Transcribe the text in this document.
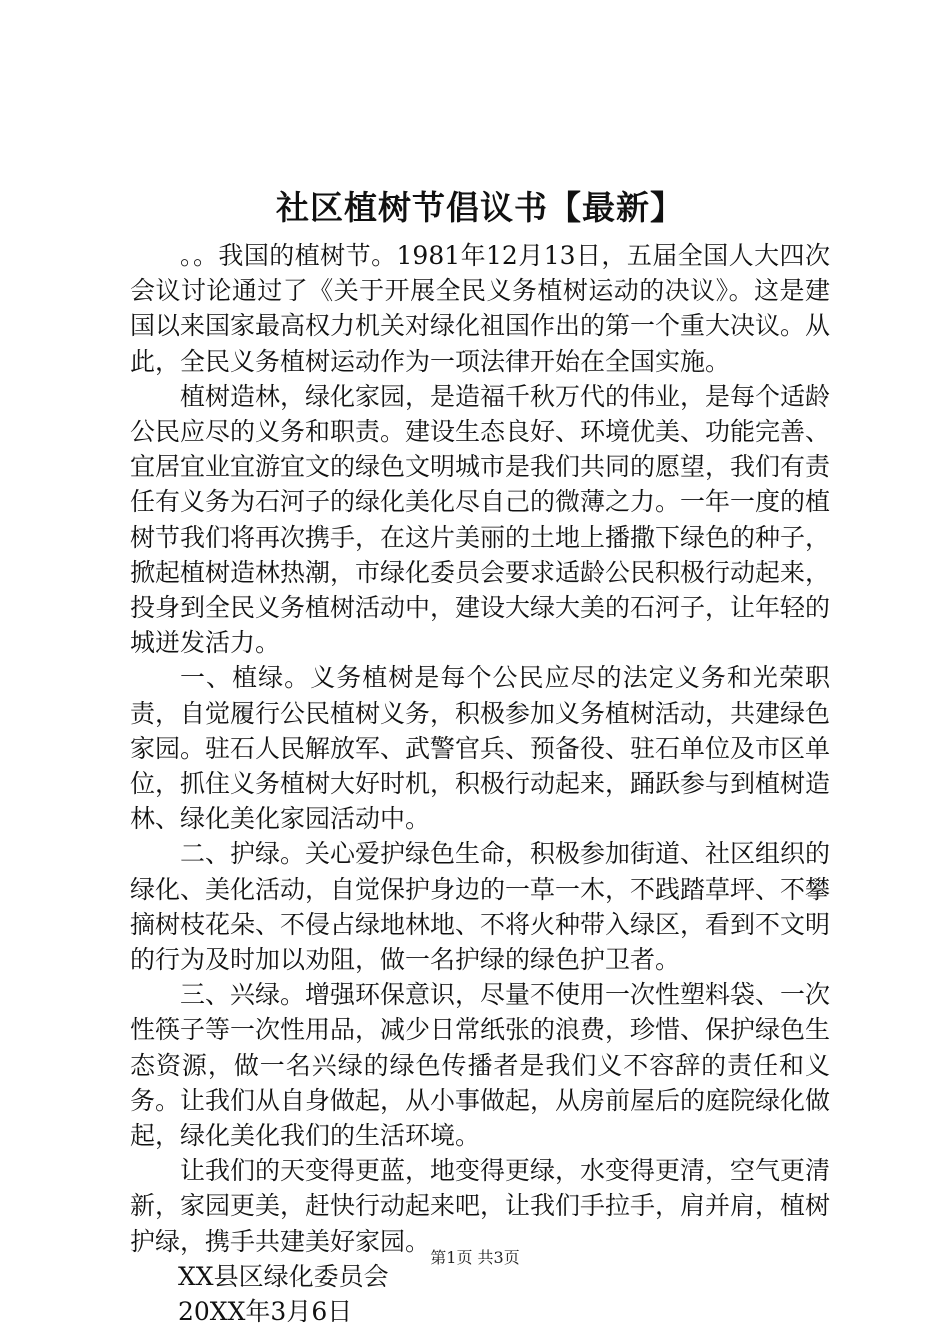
社区植树节倡议书【最新】

。。我国的植树节。1981年12月13日，五届全国人大四次会议讨论通过了《关于开展全民义务植树运动的决议》。这是建国以来国家最高权力机关对绿化祖国作出的第一个重大决议。从此，全民义务植树运动作为一项法律开始在全国实施。

植树造林，绿化家园，是造福千秋万代的伟业，是每个适龄公民应尽的义务和职责。建设生态良好、环境优美、功能完善、宜居宜业宜游宜文的绿色文明城市是我们共同的愿望，我们有责任有义务为石河子的绿化美化尽自己的微薄之力。一年一度的植树节我们将再次携手，在这片美丽的土地上播撒下绿色的种子，掀起植树造林热潮，市绿化委员会要求适龄公民积极行动起来，投身到全民义务植树活动中，建设大绿大美的石河子，让年轻的城迸发活力。

一、植绿。义务植树是每个公民应尽的法定义务和光荣职责，自觉履行公民植树义务，积极参加义务植树活动，共建绿色家园。驻石人民解放军、武警官兵、预备役、驻石单位及市区单位，抓住义务植树大好时机，积极行动起来，踊跃参与到植树造林、绿化美化家园活动中。

二、护绿。关心爱护绿色生命，积极参加街道、社区组织的绿化、美化活动，自觉保护身边的一草一木，不践踏草坪、不攀摘树枝花朵、不侵占绿地林地、不将火种带入绿区，看到不文明的行为及时加以劝阻，做一名护绿的绿色护卫者。

三、兴绿。增强环保意识，尽量不使用一次性塑料袋、一次性筷子等一次性用品，减少日常纸张的浪费，珍惜、保护绿色生态资源，做一名兴绿的绿色传播者是我们义不容辞的责任和义务。让我们从自身做起，从小事做起，从房前屋后的庭院绿化做起，绿化美化我们的生活环境。

让我们的天变得更蓝，地变得更绿，水变得更清，空气更清新，家园更美，赶快行动起来吧，让我们手拉手，肩并肩，植树护绿，携手共建美好家园。

XX县区绿化委员会

20XX年3月6日

第1页 共3页
